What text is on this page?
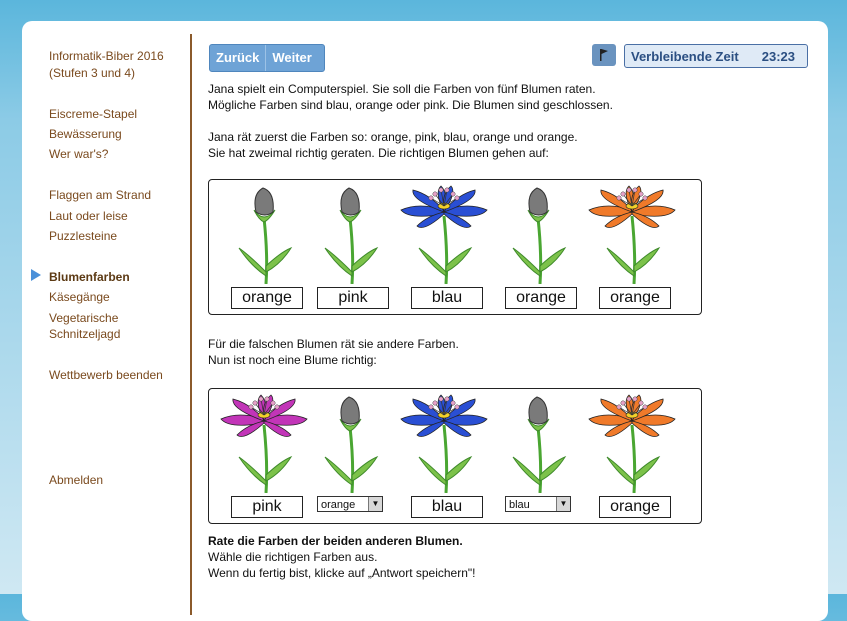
Informatik-Biber 2016
(Stufen 3 und 4)
Eiscreme-Stapel
Bewässerung
Wer war's?
Flaggen am Strand
Laut oder leise
Puzzlesteine
Blumenfarben
Käsegänge
Vegetarische
Schnitzeljagd
Wettbewerb beenden
Abmelden
Zurück	Weiter	Verbleibende Zeit 23:23

Jana spielt ein Computerspiel. Sie soll die Farben von fünf Blumen raten.

Mögliche Farben sind blau, orange oder pink. Die Blumen sind geschlossen.

Jana rät zuerst die Farben so: orange, pink, blau, orange und orange.

Sie hat zweimal richtig geraten. Die richtigen Blumen gehen auf:

orange	pink	blau	orange	orange

Für die falschen Blumen rät sie andere Farben.

Nun ist noch eine Blume richtig:

pink	orange	▼	blau	blau	▼	orange

Rate die Farben der beiden anderen Blumen.

Wähle die richtigen Farben aus.

Wenn du fertig bist, klicke auf „Antwort speichern"!
